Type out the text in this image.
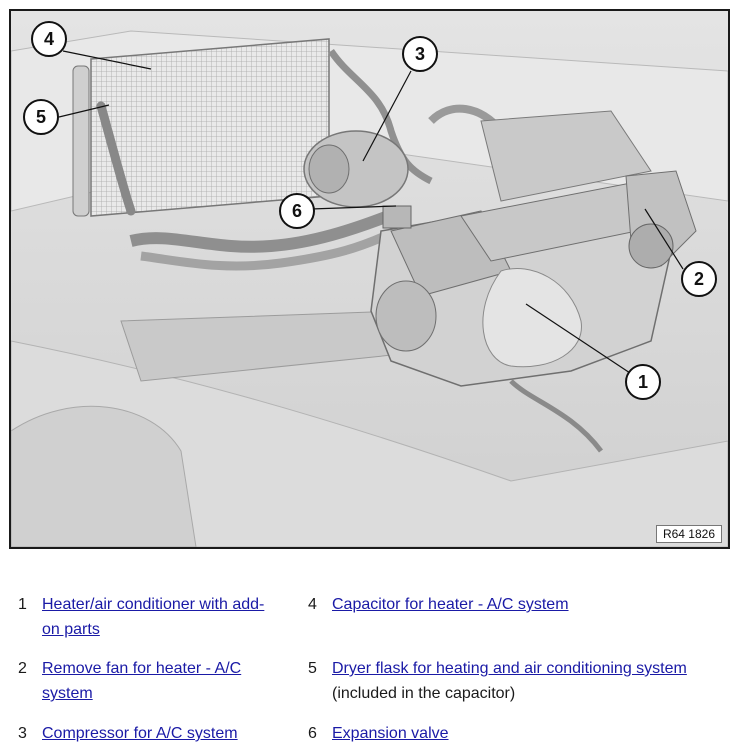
4
5
3
6
2
1
R64 1826
1 Heater/air conditioner with add-on parts
2 Remove fan for heater - A/C system
3 Compressor for A/C system
4 Capacitor for heater - A/C system
5 Dryer flask for heating and air conditioning system
(included in the capacitor)
6 Expansion valve
